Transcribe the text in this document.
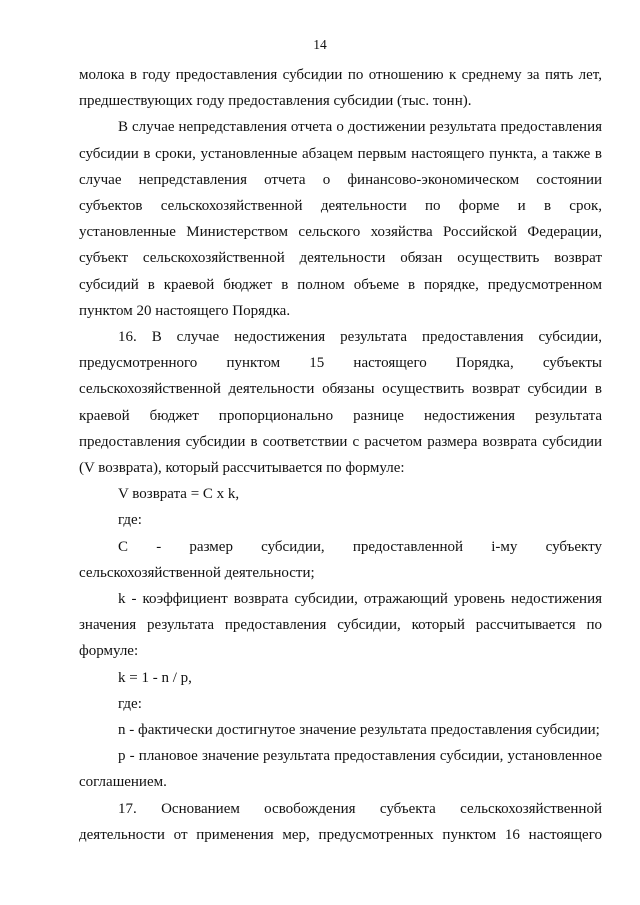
14

молока в году предоставления субсидии по отношению к среднему за пять лет,
предшествующих году предоставления субсидии (тыс. тонн).

В случае непредставления отчета о достижении результата предоставления
субсидии в сроки, установленные абзацем первым настоящего пункта, а также в
случае непредставления отчета о финансово-экономическом состоянии
субъектов сельскохозяйственной деятельности по форме и в срок,
установленные Министерством сельского хозяйства Российской Федерации,
субъект сельскохозяйственной деятельности обязан осуществить возврат
субсидий в краевой бюджет в полном объеме в порядке, предусмотренном
пунктом 20 настоящего Порядка.

16. В случае недостижения результата предоставления субсидии,
предусмотренного пунктом 15 настоящего Порядка, субъекты
сельскохозяйственной деятельности обязаны осуществить возврат субсидии в
краевой бюджет пропорционально разнице недостижения результата
предоставления субсидии в соответствии с расчетом размера возврата субсидии
(V возврата), который рассчитывается по формуле:

V возврата = C x k,

где:

C - размер субсидии, предоставленной i-му субъекту
сельскохозяйственной деятельности;

k - коэффициент возврата субсидии, отражающий уровень недостижения
значения результата предоставления субсидии, который рассчитывается по
формуле:

k = 1 - n / p,

где:

n - фактически достигнутое значение результата предоставления субсидии;

p - плановое значение результата предоставления субсидии, установленное
соглашением.

17. Основанием освобождения субъекта сельскохозяйственной
деятельности от применения мер, предусмотренных пунктом 16 настоящего
